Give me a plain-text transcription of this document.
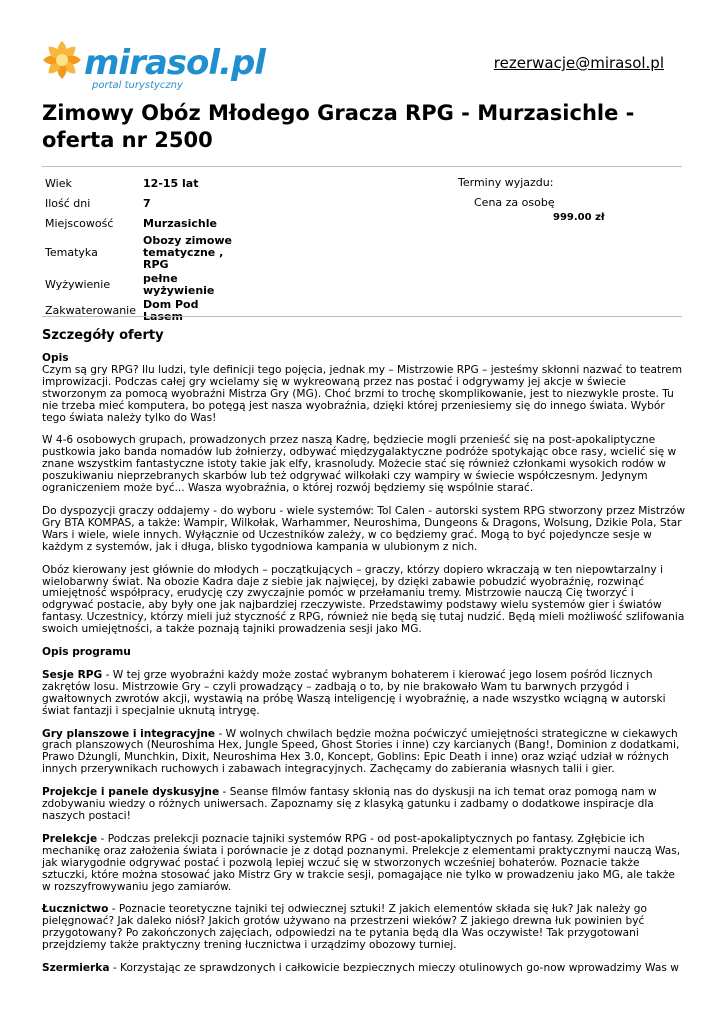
mirasol.pl
portal turystyczny
rezerwacje@mirasol.pl
Zimowy Obóz Młodego Gracza RPG - Murzasichle - oferta nr 2500
Wiek	12-15 lat
Ilość dni	7
Miejscowość	Murzasichle
Tematyka	Obozy zimowe tematyczne , RPG
Wyżywienie	pełne wyżywienie
Zakwaterowanie	Dom Pod Lasem
Terminy wyjazdu:
Cena za osobę
999.00 zł
Szczegóły oferty

Opis

Czym są gry RPG? Ilu ludzi, tyle definicji tego pojęcia, jednak my – Mistrzowie RPG – jesteśmy skłonni nazwać to teatrem improwizacji. Podczas całej gry wcielamy się w wykreowaną przez nas postać i odgrywamy jej akcje w świecie stworzonym za pomocą wyobraźni Mistrza Gry (MG). Choć brzmi to trochę skomplikowanie, jest to niezwykle proste. Tu nie trzeba mieć komputera, bo potęgą jest nasza wyobraźnia, dzięki której przeniesiemy się do innego świata. Wybór tego świata należy tylko do Was!

W 4-6 osobowych grupach, prowadzonych przez naszą Kadrę, będziecie mogli przenieść się na post-apokaliptyczne pustkowia jako banda nomadów lub żołnierzy, odbywać międzygalaktyczne podróże spotykając obce rasy, wcielić się w znane wszystkim fantastyczne istoty takie jak elfy, krasnoludy. Możecie stać się również członkami wysokich rodów w poszukiwaniu nieprzebranych skarbów lub też odgrywać wilkołaki czy wampiry w świecie współczesnym. Jedynym ograniczeniem może być... Wasza wyobraźnia, o której rozwój będziemy się wspólnie starać.

Do dyspozycji graczy oddajemy - do wyboru - wiele systemów: Tol Calen - autorski system RPG stworzony przez Mistrzów Gry BTA KOMPAS, a także: Wampir, Wilkołak, Warhammer, Neuroshima, Dungeons & Dragons, Wolsung, Dzikie Pola, Star Wars i wiele, wiele innych. Wyłącznie od Uczestników zależy, w co będziemy grać. Mogą to być pojedyncze sesje w każdym z systemów, jak i długa, blisko tygodniowa kampania w ulubionym z nich.

Obóz kierowany jest głównie do młodych – początkujących – graczy, którzy dopiero wkraczają w ten niepowtarzalny i wielobarwny świat. Na obozie Kadra daje z siebie jak najwięcej, by dzięki zabawie pobudzić wyobraźnię, rozwinąć umiejętność współpracy, erudycję czy zwyczajnie pomóc w przełamaniu tremy. Mistrzowie nauczą Cię tworzyć i odgrywać postacie, aby były one jak najbardziej rzeczywiste. Przedstawimy podstawy wielu systemów gier i światów fantasy. Uczestnicy, którzy mieli już styczność z RPG, również nie będą się tutaj nudzić. Będą mieli możliwość szlifowania swoich umiejętności, a także poznają tajniki prowadzenia sesji jako MG.

Opis programu

Sesje RPG - W tej grze wyobraźni każdy może zostać wybranym bohaterem i kierować jego losem pośród licznych zakrętów losu. Mistrzowie Gry – czyli prowadzący – zadbają o to, by nie brakowało Wam tu barwnych przygód i gwałtownych zwrotów akcji, wystawią na próbę Waszą inteligencję i wyobraźnię, a nade wszystko wciągną w autorski świat fantazji i specjalnie uknutą intrygę.

Gry planszowe i integracyjne - W wolnych chwilach będzie można poćwiczyć umiejętności strategiczne w ciekawych grach planszowych (Neuroshima Hex, Jungle Speed, Ghost Stories i inne) czy karcianych (Bang!, Dominion z dodatkami, Prawo Dżungli, Munchkin, Dixit, Neuroshima Hex 3.0, Koncept, Goblins: Epic Death i inne) oraz wziąć udział w różnych innych przerywnikach ruchowych i zabawach integracyjnych. Zachęcamy do zabierania własnych talii i gier.

Projekcje i panele dyskusyjne - Seanse filmów fantasy skłonią nas do dyskusji na ich temat oraz pomogą nam w zdobywaniu wiedzy o różnych uniwersach. Zapoznamy się z klasyką gatunku i zadbamy o dodatkowe inspiracje dla naszych postaci!

Prelekcje - Podczas prelekcji poznacie tajniki systemów RPG - od post-apokaliptycznych po fantasy. Zgłębicie ich mechanikę oraz założenia świata i porównacie je z dotąd poznanymi. Prelekcje z elementami praktycznymi nauczą Was, jak wiarygodnie odgrywać postać i pozwolą lepiej wczuć się w stworzonych wcześniej bohaterów. Poznacie także sztuczki, które można stosować jako Mistrz Gry w trakcie sesji, pomagające nie tylko w prowadzeniu jako MG, ale także w rozszyfrowywaniu jego zamiarów.

Łucznictwo - Poznacie teoretyczne tajniki tej odwiecznej sztuki! Z jakich elementów składa się łuk? Jak należy go pielęgnować? Jak daleko niósł? Jakich grotów używano na przestrzeni wieków? Z jakiego drewna łuk powinien być przygotowany? Po zakończonych zajęciach, odpowiedzi na te pytania będą dla Was oczywiste! Tak przygotowani przejdziemy także praktyczny trening łucznictwa i urządzimy obozowy turniej.

Szermierka - Korzystając ze sprawdzonych i całkowicie bezpiecznych mieczy otulinowych go-now wprowadzimy Was w
